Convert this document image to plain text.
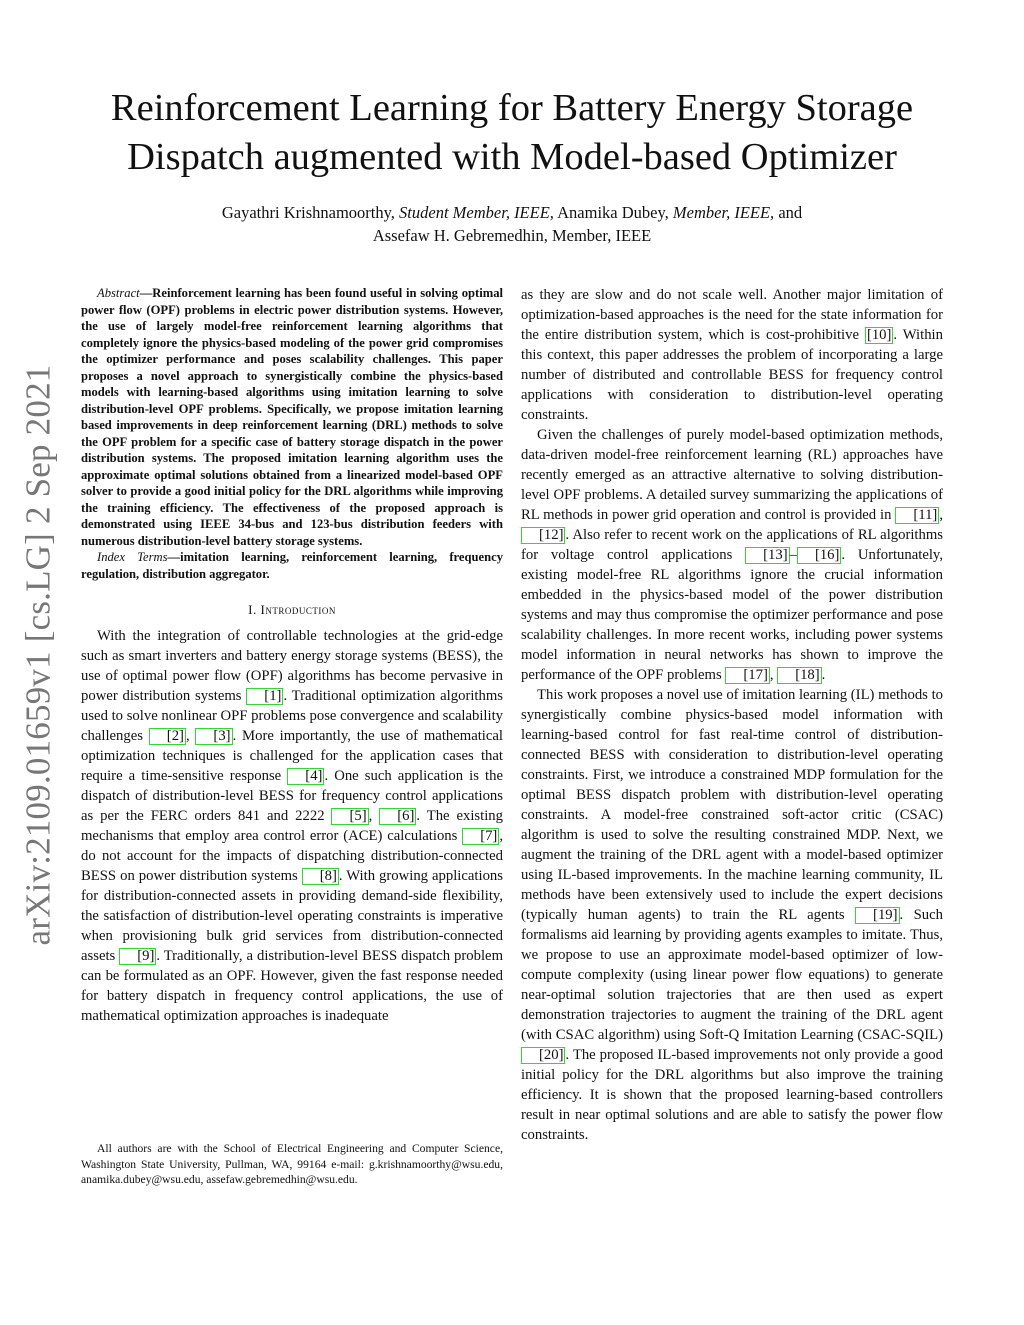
arXiv:2109.01659v1 [cs.LG] 2 Sep 2021
Reinforcement Learning for Battery Energy Storage
Dispatch augmented with Model-based Optimizer
Gayathri Krishnamoorthy, Student Member, IEEE, Anamika Dubey, Member, IEEE, and
Assefaw H. Gebremedhin, Member, IEEE

Abstract—Reinforcement learning has been found useful in solving optimal power flow (OPF) problems in electric power distribution systems. However, the use of largely model-free reinforcement learning algorithms that completely ignore the physics-based modeling of the power grid compromises the optimizer performance and poses scalability challenges. This paper proposes a novel approach to synergistically combine the physics-based models with learning-based algorithms using imitation learning to solve distribution-level OPF problems. Specifically, we propose imitation learning based improvements in deep reinforcement learning (DRL) methods to solve the OPF problem for a specific case of battery storage dispatch in the power distribution systems. The proposed imitation learning algorithm uses the approximate optimal solutions obtained from a linearized model-based OPF solver to provide a good initial policy for the DRL algorithms while improving the training efficiency. The effectiveness of the proposed approach is demonstrated using IEEE 34-bus and 123-bus distribution feeders with numerous distribution-level battery storage systems.

Index Terms—imitation learning, reinforcement learning, frequency regulation, distribution aggregator.

I. Introduction

With the integration of controllable technologies at the grid-edge such as smart inverters and battery energy storage systems (BESS), the use of optimal power flow (OPF) algorithms has become pervasive in power distribution systems [1] . Traditional optimization algorithms used to solve nonlinear OPF problems pose convergence and scalability challenges [2] , [3] . More importantly, the use of mathematical optimization techniques is challenged for the application cases that require a time-sensitive response [4] . One such application is the dispatch of distribution-level BESS for frequency control applications as per the FERC orders 841 and 2222 [5] , [6] . The existing mechanisms that employ area control error (ACE) calculations [7] , do not account for the impacts of dispatching distribution-connected BESS on power distribution systems [8] . With growing applications for distribution-connected assets in providing demand-side flexibility, the satisfaction of distribution-level operating constraints is imperative when provisioning bulk grid services from distribution-connected assets [9] . Traditionally, a distribution-level BESS dispatch problem can be formulated as an OPF. However, given the fast response needed for battery dispatch in frequency control applications, the use of mathematical optimization approaches is inadequate

All authors are with the School of Electrical Engineering and Computer Science, Washington State University, Pullman, WA, 99164 e-mail: g.krishnamoorthy@wsu.edu, anamika.dubey@wsu.edu, assefaw.gebremedhin@wsu.edu.

as they are slow and do not scale well. Another major limitation of optimization-based approaches is the need for the state information for the entire distribution system, which is cost-prohibitive [10] . Within this context, this paper addresses the problem of incorporating a large number of distributed and controllable BESS for frequency control applications with consideration to distribution-level operating constraints.

Given the challenges of purely model-based optimization methods, data-driven model-free reinforcement learning (RL) approaches have recently emerged as an attractive alternative to solving distribution-level OPF problems. A detailed survey summarizing the applications of RL methods in power grid operation and control is provided in [11] , [12] . Also refer to recent work on the applications of RL algorithms for voltage control applications [13] – [16] . Unfortunately, existing model-free RL algorithms ignore the crucial information embedded in the physics-based model of the power distribution systems and may thus compromise the optimizer performance and pose scalability challenges. In more recent works, including power systems model information in neural networks has shown to improve the performance of the OPF problems [17] , [18] .

This work proposes a novel use of imitation learning (IL) methods to synergistically combine physics-based model information with learning-based control for fast real-time control of distribution-connected BESS with consideration to distribution-level operating constraints. First, we introduce a constrained MDP formulation for the optimal BESS dispatch problem with distribution-level operating constraints. A model-free constrained soft-actor critic (CSAC) algorithm is used to solve the resulting constrained MDP. Next, we augment the training of the DRL agent with a model-based optimizer using IL-based improvements. In the machine learning community, IL methods have been extensively used to include the expert decisions (typically human agents) to train the RL agents [19] . Such formalisms aid learning by providing agents examples to imitate. Thus, we propose to use an approximate model-based optimizer of low-compute complexity (using linear power flow equations) to generate near-optimal solution trajectories that are then used as expert demonstration trajectories to augment the training of the DRL agent (with CSAC algorithm) using Soft-Q Imitation Learning (CSAC-SQIL) [20] . The proposed IL-based improvements not only provide a good initial policy for the DRL algorithms but also improve the training efficiency. It is shown that the proposed learning-based controllers result in near optimal solutions and are able to satisfy the power flow constraints.
